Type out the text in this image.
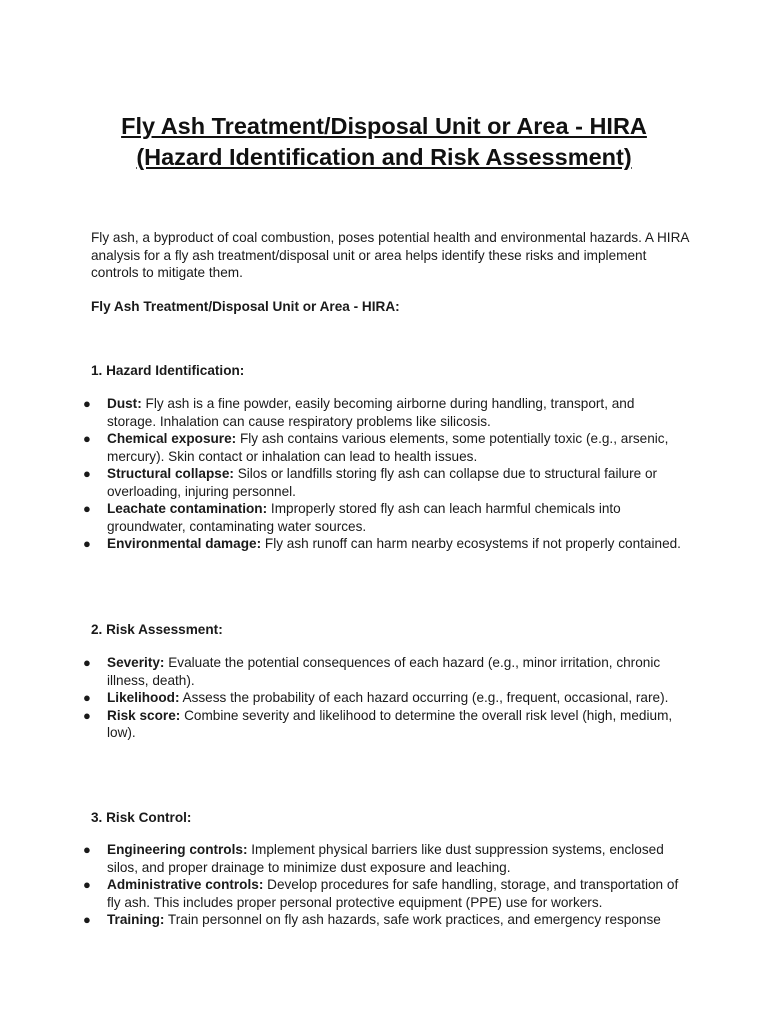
Fly Ash Treatment/Disposal Unit or Area - HIRA
(Hazard Identification and Risk Assessment)

Fly ash, a byproduct of coal combustion, poses potential health and environmental hazards. A HIRA analysis for a fly ash treatment/disposal unit or area helps identify these risks and implement controls to mitigate them.

Fly Ash Treatment/Disposal Unit or Area - HIRA:

1. Hazard Identification:

● Dust: Fly ash is a fine powder, easily becoming airborne during handling, transport, and storage. Inhalation can cause respiratory problems like silicosis.
● Chemical exposure: Fly ash contains various elements, some potentially toxic (e.g., arsenic, mercury). Skin contact or inhalation can lead to health issues.
● Structural collapse: Silos or landfills storing fly ash can collapse due to structural failure or overloading, injuring personnel.
● Leachate contamination: Improperly stored fly ash can leach harmful chemicals into groundwater, contaminating water sources.
● Environmental damage: Fly ash runoff can harm nearby ecosystems if not properly contained.

2. Risk Assessment:

● Severity: Evaluate the potential consequences of each hazard (e.g., minor irritation, chronic illness, death).
● Likelihood: Assess the probability of each hazard occurring (e.g., frequent, occasional, rare).
● Risk score: Combine severity and likelihood to determine the overall risk level (high, medium, low).

3. Risk Control:

● Engineering controls: Implement physical barriers like dust suppression systems, enclosed silos, and proper drainage to minimize dust exposure and leaching.
● Administrative controls: Develop procedures for safe handling, storage, and transportation of fly ash. This includes proper personal protective equipment (PPE) use for workers.
● Training: Train personnel on fly ash hazards, safe work practices, and emergency response
